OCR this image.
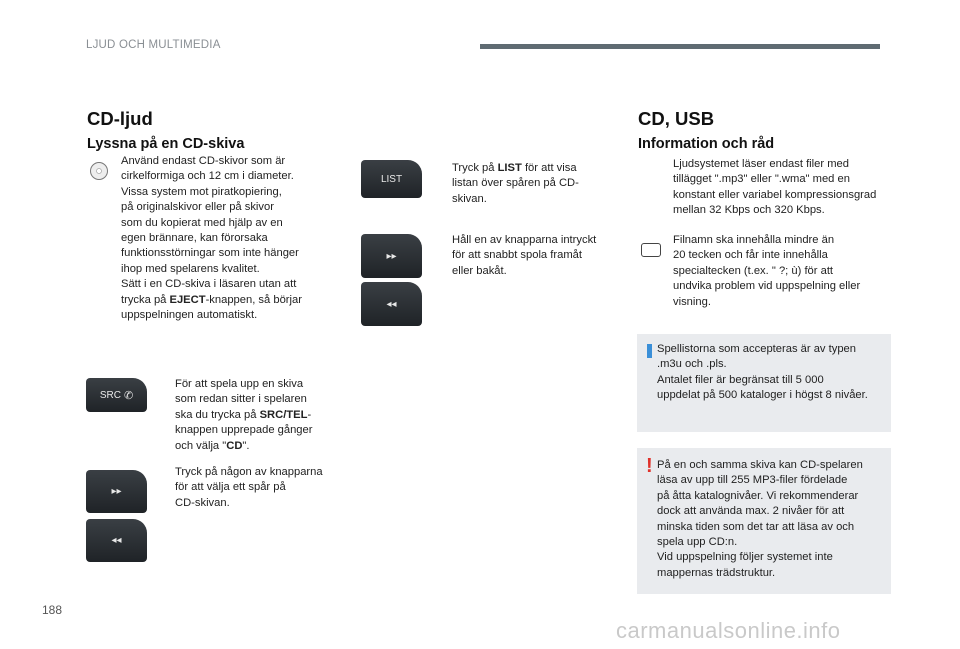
LJUD OCH MULTIMEDIA
CD-ljud
Lyssna på en CD-skiva
Använd endast CD-skivor som är
cirkelformiga och 12 cm i diameter.
Vissa system mot piratkopiering,
på originalskivor eller på skivor
som du kopierat med hjälp av en
egen brännare, kan förorsaka
funktionsstörningar som inte hänger
ihop med spelarens kvalitet.
Sätt i en CD-skiva i läsaren utan att
trycka på EJECT-knappen, så börjar
uppspelningen automatiskt.
SRC ✆
För att spela upp en skiva
som redan sitter i spelaren
ska du trycka på SRC/TEL-
knappen upprepade gånger
och välja "CD".
▸▸
◂◂
Tryck på någon av knapparna
för att välja ett spår på
CD-skivan.
LIST
Tryck på LIST för att visa
listan över spåren på CD-
skivan.
▸▸
◂◂
Håll en av knapparna intryckt
för att snabbt spola framåt
eller bakåt.
CD, USB
Information och råd
Ljudsystemet läser endast filer med
tillägget ".mp3" eller ".wma" med en
konstant eller variabel kompressionsgrad
mellan 32 Kbps och 320 Kbps.
Filnamn ska innehålla mindre än
20 tecken och får inte innehålla
specialtecken (t.ex. " ?; ù) för att
undvika problem vid uppspelning eller
visning.
Spellistorna som accepteras är av typen
.m3u och .pls.
Antalet filer är begränsat till 5 000
uppdelat på 500 kataloger i högst 8 nivåer.
! På en och samma skiva kan CD-spelaren
läsa av upp till 255 MP3-filer fördelade
på åtta katalognivåer. Vi rekommenderar
dock att använda max. 2 nivåer för att
minska tiden som det tar att läsa av och
spela upp CD:n.
Vid uppspelning följer systemet inte
mappernas trädstruktur.
188
carmanualsonline.info
